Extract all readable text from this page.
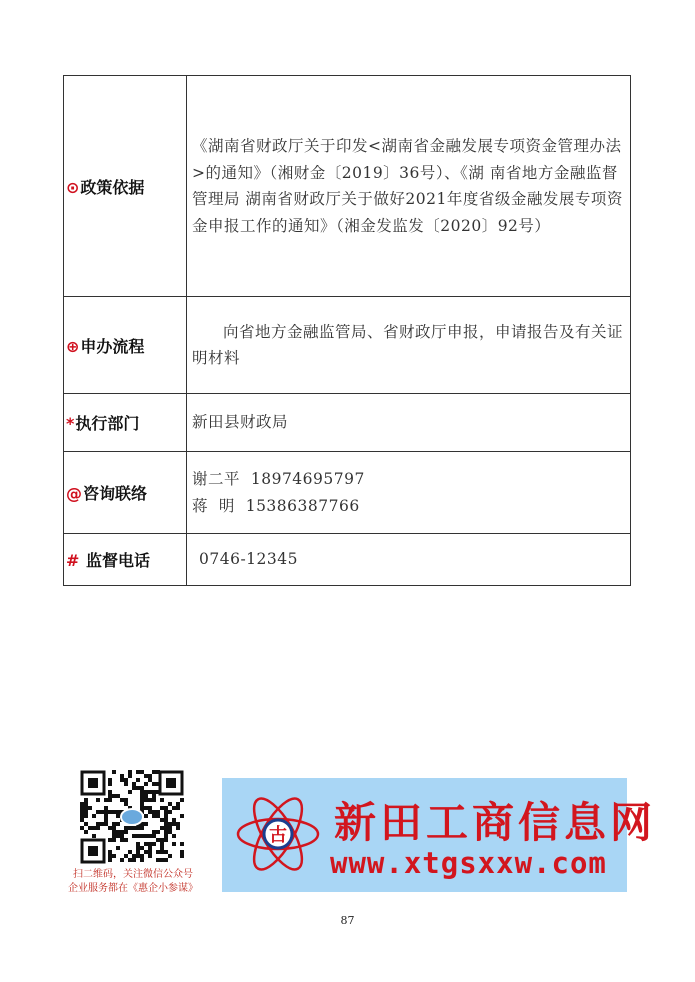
⊙政策依据	《湖南省财政厅关于印发<湖南省金融发展专项资金管理办法>的通知》（湘财金〔2019〕36号）、《湖 南省地方金融监督管理局 湖南省财政厅关于做好2021年度省级金融发展专项资金申报工作的通知》（湘金发监发〔2020〕92号）

⊕申办流程	向省地方金融监管局、省财政厅申报，申请报告及有关证明材料

*执行部门	新田县财政局

@咨询联络	谢二平  18974695797
蒋  明  15386387766

# 监督电话	0746-12345
扫二维码，关注微信公众号
企业服务都在《惠企小参谋》
古 新田工商信息网
www.xtgsxxw.com
87
